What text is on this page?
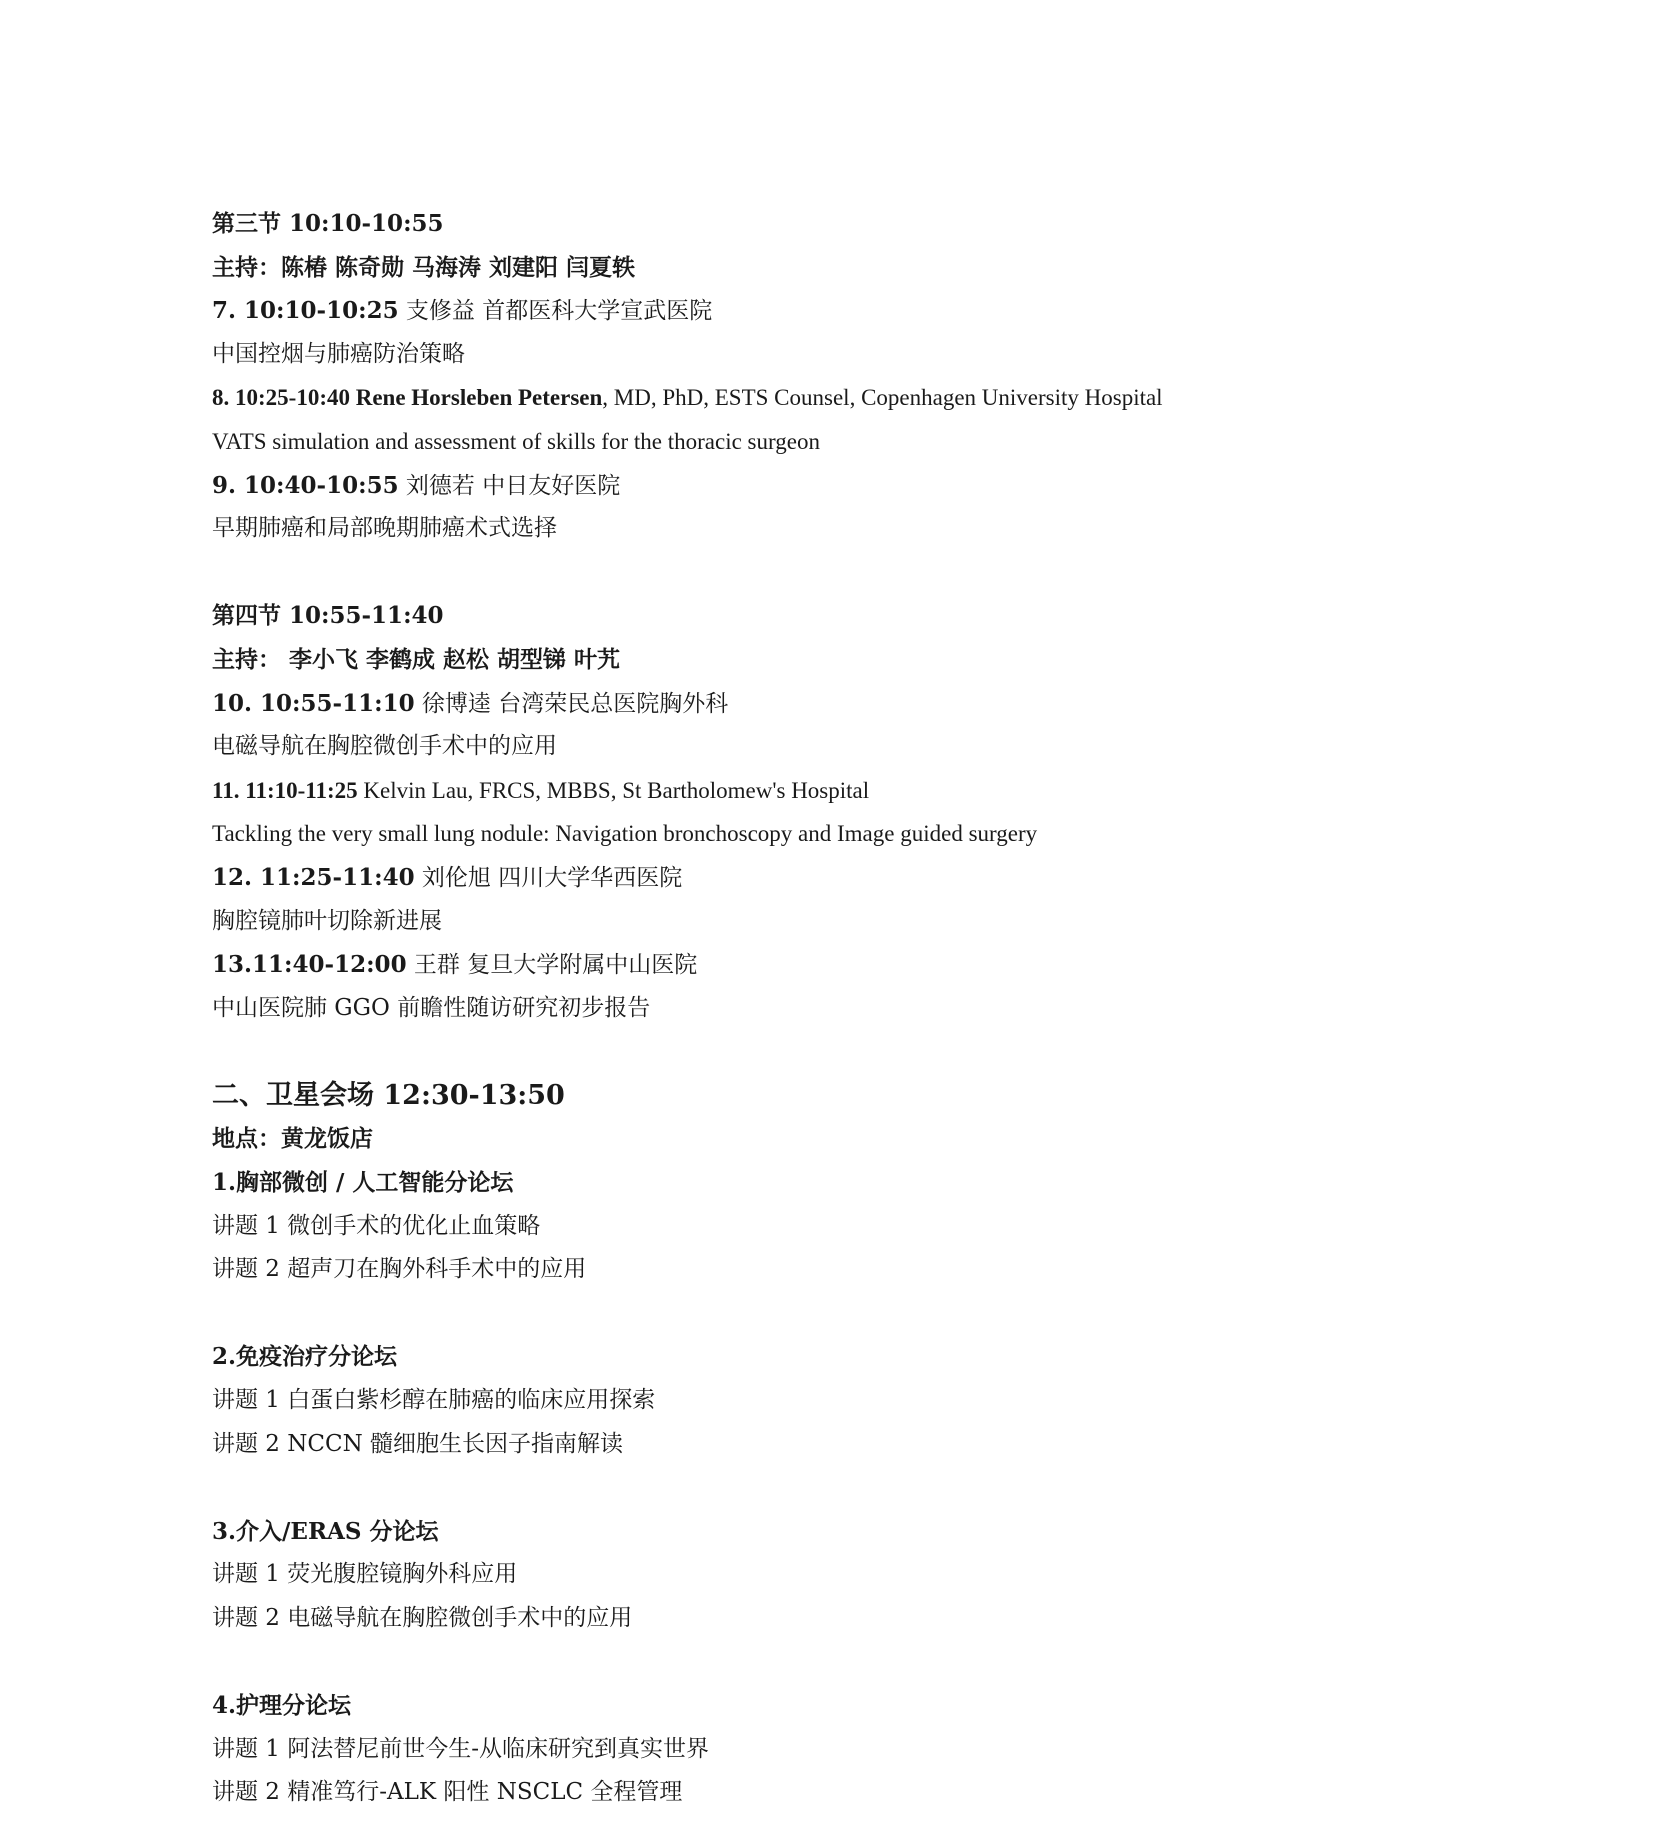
第三节 10:10-10:55
主持：陈椿 陈奇勋 马海涛 刘建阳 闫夏轶
7. 10:10-10:25 支修益 首都医科大学宣武医院
中国控烟与肺癌防治策略
8. 10:25-10:40 Rene Horsleben Petersen, MD, PhD, ESTS Counsel, Copenhagen University Hospital
VATS simulation and assessment of skills for the thoracic surgeon
9. 10:40-10:55 刘德若 中日友好医院
早期肺癌和局部晚期肺癌术式选择
第四节 10:55-11:40
主持： 李小飞 李鹤成 赵松 胡型锑 叶艽
10. 10:55-11:10 徐博逵 台湾荣民总医院胸外科
电磁导航在胸腔微创手术中的应用
11. 11:10-11:25 Kelvin Lau, FRCS, MBBS, St Bartholomew's Hospital
Tackling the very small lung nodule: Navigation bronchoscopy and Image guided surgery
12. 11:25-11:40 刘伦旭 四川大学华西医院
胸腔镜肺叶切除新进展
13.11:40-12:00 王群 复旦大学附属中山医院
中山医院肺 GGO 前瞻性随访研究初步报告
二、卫星会场 12:30-13:50
地点：黄龙饭店
1.胸部微创 / 人工智能分论坛
讲题 1 微创手术的优化止血策略
讲题 2 超声刀在胸外科手术中的应用
2.免疫治疗分论坛
讲题 1 白蛋白紫杉醇在肺癌的临床应用探索
讲题 2 NCCN 髓细胞生长因子指南解读
3.介入/ERAS 分论坛
讲题 1 荧光腹腔镜胸外科应用
讲题 2 电磁导航在胸腔微创手术中的应用
4.护理分论坛
讲题 1 阿法替尼前世今生-从临床研究到真实世界
讲题 2 精准笃行-ALK 阳性 NSCLC 全程管理
